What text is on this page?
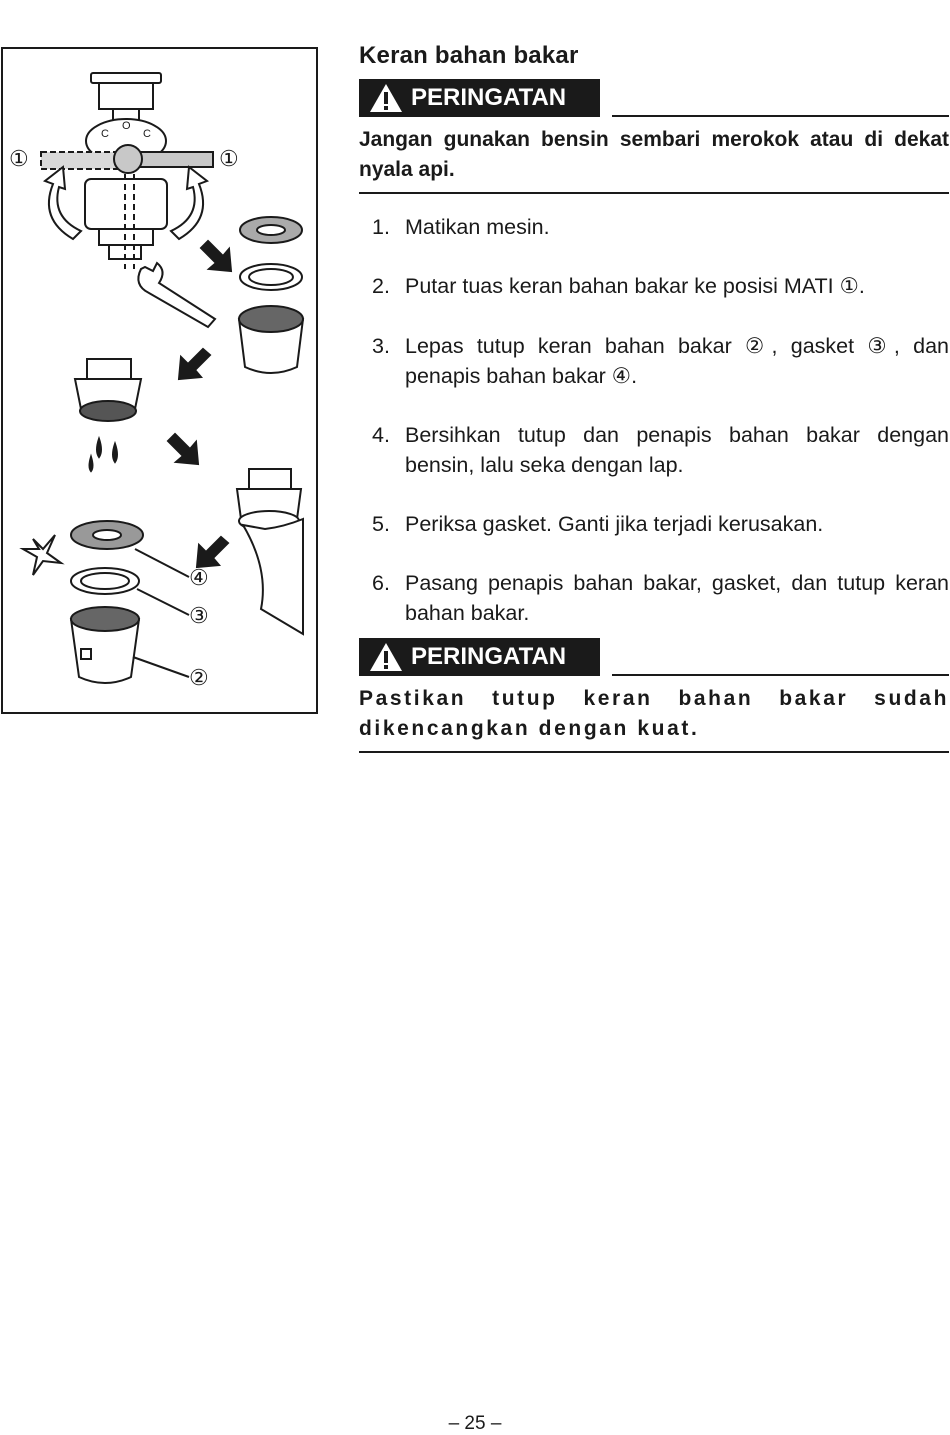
①	①
④
③
②
C
O
C
Keran bahan bakar
PERINGATAN

Jangan gunakan bensin sembari merokok atau di dekat nyala api.

1. Matikan mesin.
2. Putar tuas keran bahan bakar ke posisi MATI ①.
3. Lepas tutup keran bahan bakar ②, gasket ③, dan penapis bahan bakar ④.
4. Bersihkan tutup dan penapis bahan bakar dengan bensin, lalu seka dengan lap.
5. Periksa gasket. Ganti jika terjadi kerusakan.
6. Pasang penapis bahan bakar, gasket, dan tutup keran bahan bakar.
PERINGATAN

Pastikan tutup keran bahan bakar sudah dikencangkan dengan kuat.

– 25 –
